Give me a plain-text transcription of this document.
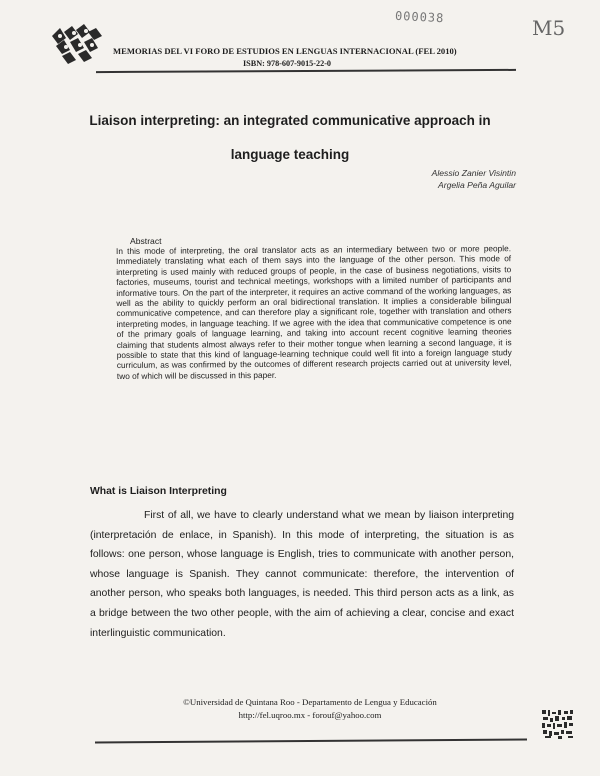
000038	M5
MEMORIAS DEL VI FORO DE ESTUDIOS EN LENGUAS INTERNACIONAL (FEL 2010)
ISBN: 978-607-9015-22-0
Liaison interpreting: an integrated communicative approach in language teaching
Alessio Zanier Visintin
Argelia Peña Aguilar
Abstract
In this mode of interpreting, the oral translator acts as an intermediary between two or more people. Immediately translating what each of them says into the language of the other person. This mode of interpreting is used mainly with reduced groups of people, in the case of business negotiations, visits to factories, museums, tourist and technical meetings, workshops with a limited number of participants and informative tours. On the part of the interpreter, it requires an active command of the working languages, as well as the ability to quickly perform an oral bidirectional translation. It implies a considerable bilingual communicative competence, and can therefore play a significant role, together with translation and others interpreting modes, in language teaching. If we agree with the idea that communicative competence is one of the primary goals of language learning, and taking into account recent cognitive learning theories claiming that students almost always refer to their mother tongue when learning a second language, it is possible to state that this kind of language-learning technique could well fit into a foreign language study curriculum, as was confirmed by the outcomes of different research projects carried out at university level, two of which will be discussed in this paper.
What is Liaison Interpreting
First of all, we have to clearly understand what we mean by liaison interpreting (interpretación de enlace, in Spanish). In this mode of interpreting, the situation is as follows: one person, whose language is English, tries to communicate with another person, whose language is Spanish. They cannot communicate: therefore, the intervention of another person, who speaks both languages, is needed. This third person acts as a link, as a bridge between the two other people, with the aim of achieving a clear, concise and exact interlinguistic communication.
©Universidad de Quintana Roo - Departamento de Lengua y Educación
http://fel.uqroo.mx - forouf@yahoo.com
